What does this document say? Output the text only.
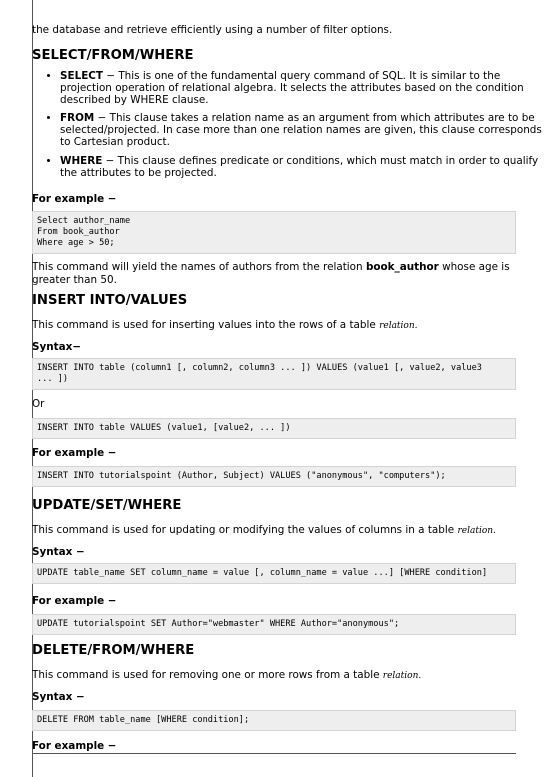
the database and retrieve efficiently using a number of filter options.

SELECT/FROM/WHERE
• SELECT − This is one of the fundamental query command of SQL. It is similar to the projection operation of relational algebra. It selects the attributes based on the condition described by WHERE clause.
• FROM − This clause takes a relation name as an argument from which attributes are to be selected/projected. In case more than one relation names are given, this clause corresponds to Cartesian product.
• WHERE − This clause defines predicate or conditions, which must match in order to qualify the attributes to be projected.

For example −

Select author_name
From book_author
Where age > 50;

This command will yield the names of authors from the relation book_author whose age is greater than 50.

INSERT INTO/VALUES

This command is used for inserting values into the rows of a table relation.

Syntax−

INSERT INTO table (column1 [, column2, column3 ... ]) VALUES (value1 [, value2, value3
... ])

Or

INSERT INTO table VALUES (value1, [value2, ... ])

For example −

INSERT INTO tutorialspoint (Author, Subject) VALUES ("anonymous", "computers");
UPDATE/SET/WHERE

This command is used for updating or modifying the values of columns in a table relation.

Syntax −

UPDATE table_name SET column_name = value [, column_name = value ...] [WHERE condition]

For example −

UPDATE tutorialspoint SET Author="webmaster" WHERE Author="anonymous";
DELETE/FROM/WHERE

This command is used for removing one or more rows from a table relation.

Syntax −

DELETE FROM table_name [WHERE condition];

For example −
